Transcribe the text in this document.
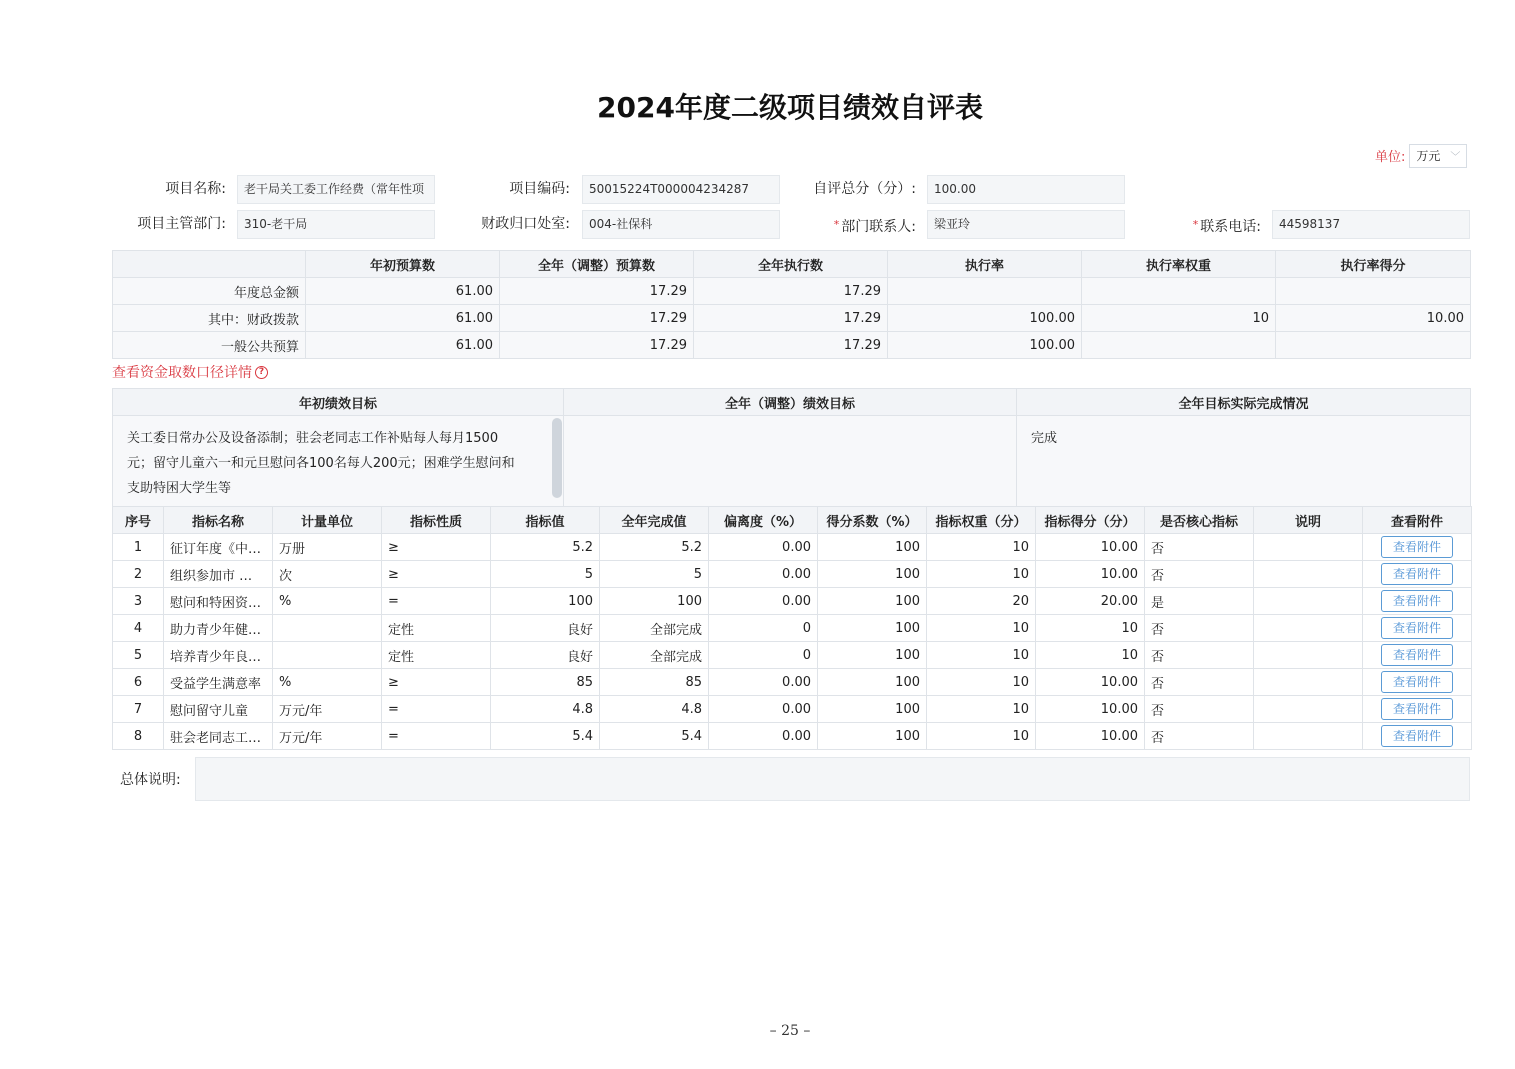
2024年度二级项目绩效自评表
单位: 万元 ﹀
项目名称:	老干局关工委工作经费（常年性项	项目编码:	50015224T000004234287	自评总分（分）:	100.00
项目主管部门:	310-老干局	财政归口处室:	004-社保科	* 部门联系人:	梁亚玲	* 联系电话:	44598137
	年初预算数	全年（调整）预算数	全年执行数	执行率	执行率权重	执行率得分
年度总金额	61.00	17.29	17.29			
其中：财政拨款	61.00	17.29	17.29	100.00	10	10.00
一般公共预算	61.00	17.29	17.29	100.00		
查看资金取数口径详情 ?
年初绩效目标	全年（调整）绩效目标	全年目标实际完成情况

关工委日常办公及设备添制；驻会老同志工作补贴每人每月1500
元；留守儿童六一和元旦慰问各100名每人200元；困难学生慰问和
支助特困大学生等		完成
序号	指标名称	计量单位	指标性质	指标值	全年完成值	偏离度（%）	得分系数（%）	指标权重（分）	指标得分（分）	是否核心指标	说明	查看附件
1	征订年度《中…	万册	≥	5.2	5.2	0.00	100	10	10.00	否		查看附件
2	组织参加市 …	次	≥	5	5	0.00	100	10	10.00	否		查看附件
3	慰问和特困资…	%	=	100	100	0.00	100	20	20.00	是		查看附件
4	助力青少年健…		定性	良好	全部完成	0	100	10	10	否		查看附件
5	培养青少年良…		定性	良好	全部完成	0	100	10	10	否		查看附件
6	受益学生满意率	%	≥	85	85	0.00	100	10	10.00	否		查看附件
7	慰问留守儿童	万元/年	=	4.8	4.8	0.00	100	10	10.00	否		查看附件
8	驻会老同志工…	万元/年	=	5.4	5.4	0.00	100	10	10.00	否		查看附件
总体说明:
– 25 –
